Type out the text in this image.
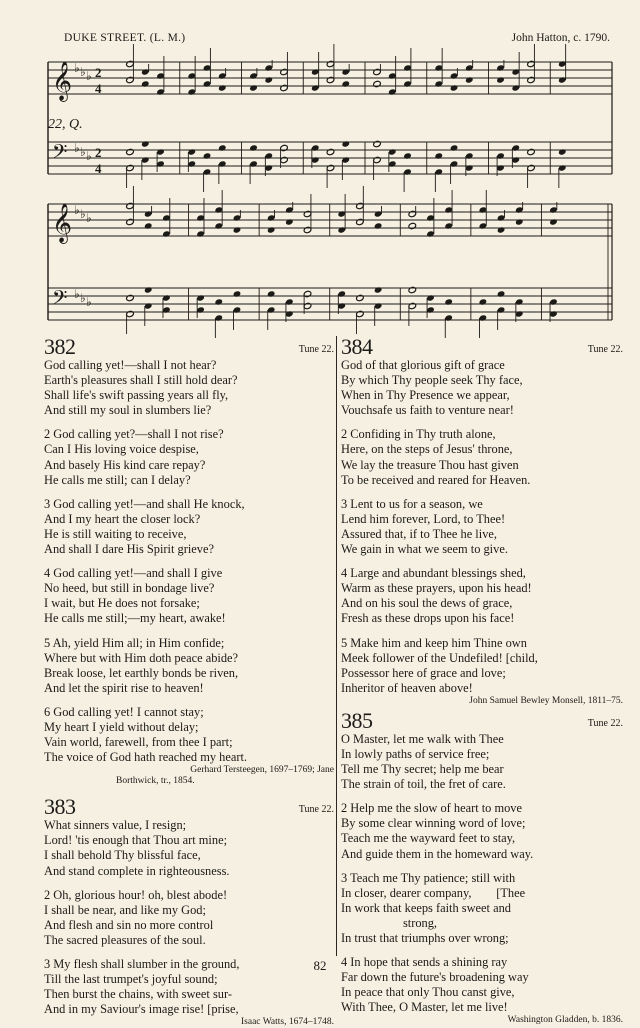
DUKE STREET. (L. M.)	John Hatton, c. 1790.
𝄞 ♭ ♭ ♭ 2
4
𝄢 ♭ ♭ ♭ 2
4
𝄞 ♭ ♭ ♭
𝄢 ♭ ♭ ♭
22, Q.
382	Tune 22.
God calling yet!—shall I not hear?
Earth's pleasures shall I still hold dear?
Shall life's swift passing years all fly,
And still my soul in slumbers lie?
2 God calling yet?—shall I not rise?
Can I His loving voice despise,
And basely His kind care repay?
He calls me still; can I delay?
3 God calling yet!—and shall He knock,
And I my heart the closer lock?
He is still waiting to receive,
And shall I dare His Spirit grieve?
4 God calling yet!—and shall I give
No heed, but still in bondage live?
I wait, but He does not forsake;
He calls me still;—my heart, awake!
5 Ah, yield Him all; in Him confide;
Where but with Him doth peace abide?
Break loose, let earthly bonds be riven,
And let the spirit rise to heaven!
6 God calling yet! I cannot stay;
My heart I yield without delay;
Vain world, farewell, from thee I part;
The voice of God hath reached my heart.
Gerhard Tersteegen, 1697–1769; Jane
Borthwick, tr., 1854.
383	Tune 22.
What sinners value, I resign;
Lord! 'tis enough that Thou art mine;
I shall behold Thy blissful face,
And stand complete in righteousness.
2 Oh, glorious hour! oh, blest abode!
I shall be near, and like my God;
And flesh and sin no more control
The sacred pleasures of the soul.
3 My flesh shall slumber in the ground,
Till the last trumpet's joyful sound;
Then burst the chains, with sweet sur-
And in my Saviour's image rise! [prise,
Isaac Watts, 1674–1748.
384	Tune 22.
God of that glorious gift of grace
By which Thy people seek Thy face,
When in Thy Presence we appear,
Vouchsafe us faith to venture near!
2 Confiding in Thy truth alone,
Here, on the steps of Jesus' throne,
We lay the treasure Thou hast given
To be received and reared for Heaven.
3 Lent to us for a season, we
Lend him forever, Lord, to Thee!
Assured that, if to Thee he live,
We gain in what we seem to give.
4 Large and abundant blessings shed,
Warm as these prayers, upon his head!
And on his soul the dews of grace,
Fresh as these drops upon his face!
5 Make him and keep him Thine own
Meek follower of the Undefiled! [child,
Possessor here of grace and love;
Inheritor of heaven above!
John Samuel Bewley Monsell, 1811–75.
385	Tune 22.
O Master, let me walk with Thee
In lowly paths of service free;
Tell me Thy secret; help me bear
The strain of toil, the fret of care.
2 Help me the slow of heart to move
By some clear winning word of love;
Teach me the wayward feet to stay,
And guide them in the homeward way.
3 Teach me Thy patience; still with
In closer, dearer company,        [Thee
In work that keeps faith sweet and
strong,
In trust that triumphs over wrong;
4 In hope that sends a shining ray
Far down the future's broadening way
In peace that only Thou canst give,
With Thee, O Master, let me live!
Washington Gladden, b. 1836.
82
